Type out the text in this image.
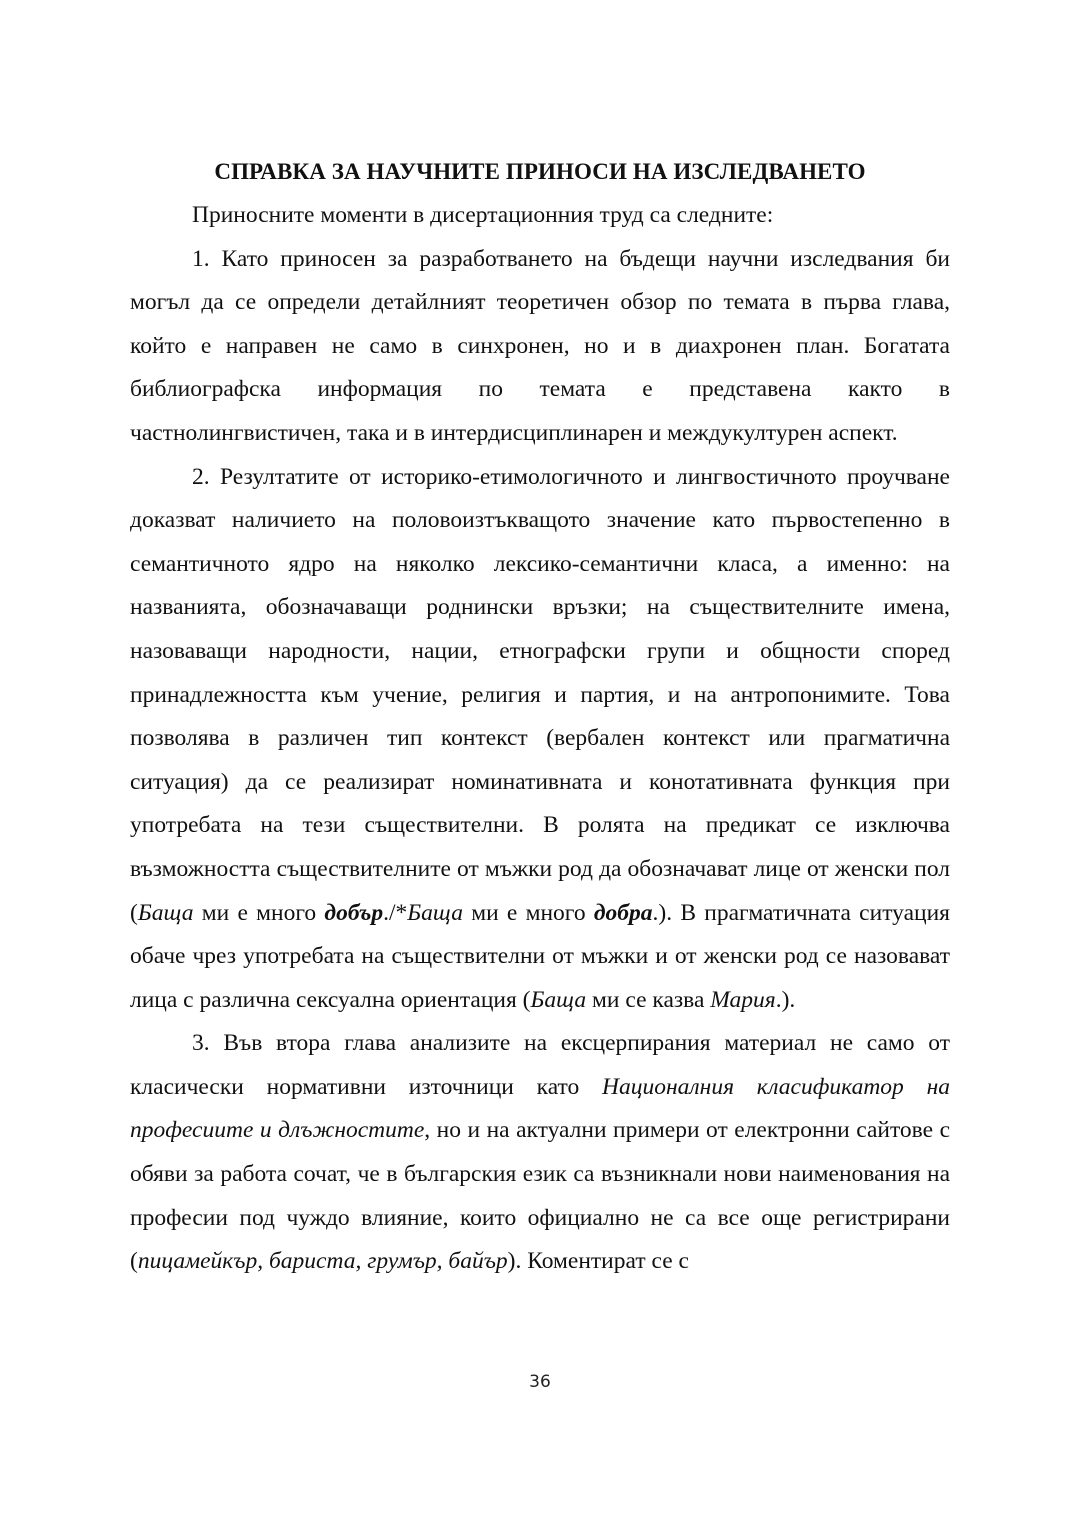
СПРАВКА ЗА НАУЧНИТЕ ПРИНОСИ НА ИЗСЛЕДВАНЕТО

Приносните моменти в дисертационния труд са следните:

1. Като приносен за разработването на бъдещи научни изследвания би могъл да се определи детайлният теоретичен обзор по темата в първа глава, който е направен не само в синхронен, но и в диахронен план. Богатата библиографска информация по темата е представена както в частнолингвистичен, така и в интердисциплинарен и междукултурен аспект.

2. Резултатите от историко-етимологичното и лингвостичното проучване доказват наличието на половоизтъкващото значение като първостепенно в семантичното ядро на няколко лексико-семантични класа, а именно: на названията, обозначаващи роднински връзки; на съществителните имена, назоваващи народности, нации, етнографски групи и общности според принадлежността към учение, религия и партия, и на антропонимите. Това позволява в различен тип контекст (вербален контекст или прагматична ситуация) да се реализират номинативната и конотативната функция при употребата на тези съществителни. В ролята на предикат се изключва възможността съществителните от мъжки род да обозначават лице от женски пол (Баща ми е много добър./*Баща ми е много добра.). В прагматичната ситуация обаче чрез употребата на съществителни от мъжки и от женски род се назовават лица с различна сексуална ориентация (Баща ми се казва Мария.).

3. Във втора глава анализите на ексцерпирания материал не само от класически нормативни източници като Националния класификатор на професиите и длъжностите, но и на актуални примери от електронни сайтове с обяви за работа сочат, че в българския език са възникнали нови наименования на професии под чуждо влияние, които официално не са все още регистрирани (пицамейкър, бариста, грумър, байър). Коментират се с

36
